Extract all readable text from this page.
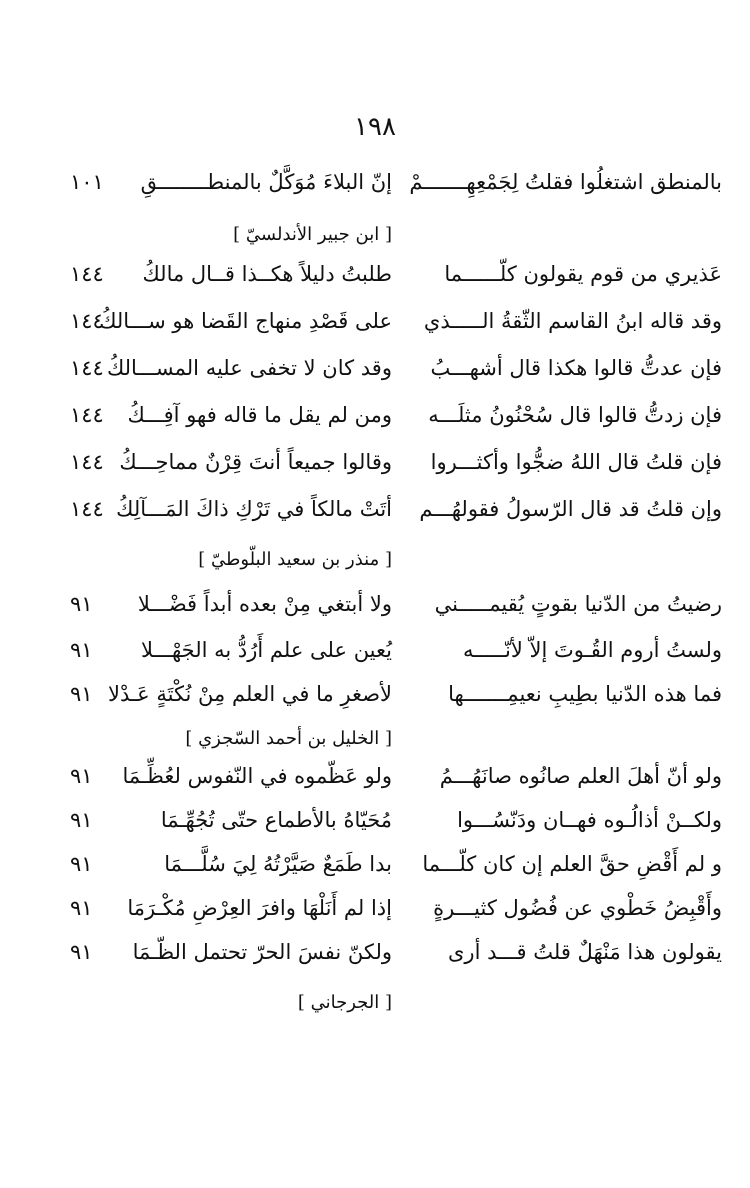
١٩٨
بالمنطق اشتغلُوا فقلتُ لِجَمْعِهِـــــــمْ
إنّ البلاءَ مُوَكَّلٌ بالمنطــــــــقِ
١٠١
[ ابن جبير الأندلسيّ ]
عَذيري من قوم يقولون كلّــــــما
طلبتُ دليلاً هكــذا قــال مالكُ
١٤٤
وقد قاله ابنُ القاسم الثّقةُ الـــــذي
على قَصْدِ منهاج القَضا هو ســـالكُ
١٤٤
فإن عدتُّ قالوا هكذا قال أشهـــبُ
وقد كان لا تخفى عليه المســـالكُ
١٤٤
فإن زدتُّ قالوا قال سُحْنُونُ مثلَـــه
ومن لم يقل ما قاله فهو آفِـــكُ
١٤٤
فإن قلتُ قال اللهُ ضجُّوا وأكثـــروا
وقالوا جميعاً أنتَ قِرْنٌ مماحِـــكُ
١٤٤
وإن قلتُ قد قال الرّسولُ فقولهُـــم
أتَتْ مالكاً في تَرْكِ ذاكَ المَـــآلِكُ
١٤٤
[ منذر بن سعيد البلّوطيّ ]
رضيتُ من الدّنيا بقوتٍ يُقيمـــــني
ولا أبتغي مِنْ بعده أبداً فَضْـــلا
٩١
ولستُ أروم القُـوتَ إلاّ لأنّـــــه
يُعين على علم أَرُدُّ به الجَهْـــلا
٩١
فما هذه الدّنيا بطِيبِ نعيمِـــــــها
لأصغرِ ما في العلم مِنْ نُكْتَةٍ عَـدْلا
٩١
[ الخليل بن أحمد السّجزي ]
ولو أنّ أهلَ العلم صانُوه صانَهُـــمُ
ولو عَظّموه في النّفوس لعُظِّـمَا
٩١
ولكــنْ أذالُـوه فهــان ودَنّسُـــوا
مُحَيّاهُ بالأطماع حتّى تُجُهِّـمَا
٩١
و لم أَقْضِ حقَّ العلم إن كان كلّـــما
بدا طَمَعٌ صَيَّرْتُهُ لِيَ سُلَّـــمَا
٩١
وأَقْبِضُ خَطْوي عن فُضُول كثيـــرةٍ
إذا لم أَنَلْهَا وافرَ العِرْضِ مُكْـرَمَا
٩١
يقولون هذا مَنْهَلٌ قلتُ قـــد أرى
ولكنّ نفسَ الحرّ تحتمل الظّـمَا
٩١
[ الجرجاني ]
